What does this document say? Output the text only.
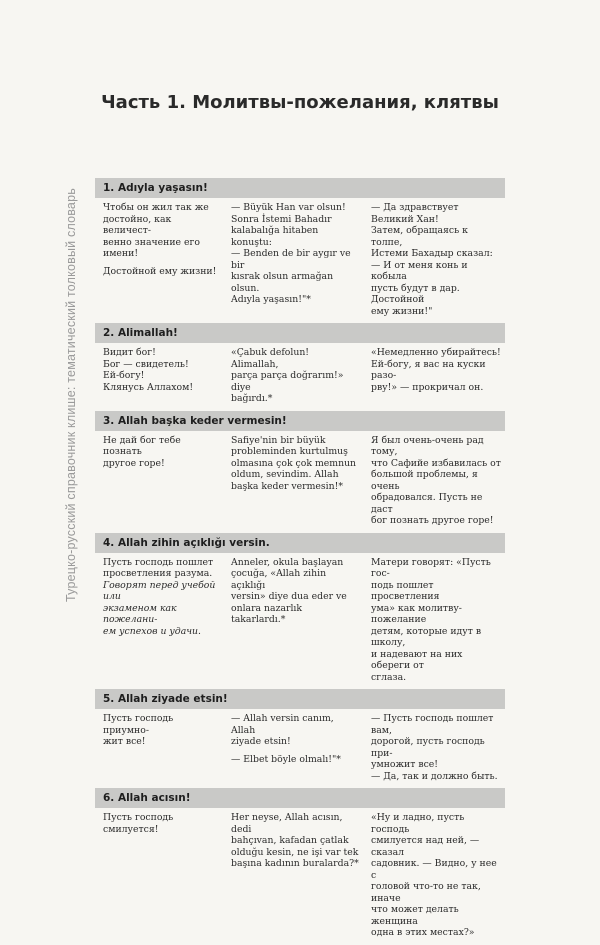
Турецко-русский справочник клише: тематический толковый словарь
Часть 1. Молитвы-пожелания, клятвы
1. Adıyla yaşasın!
Чтобы он жил так же
достойно, как величест-
венно значение его
имени!
Достойной ему жизни!
— Büyük Han var olsun!
Sonra İstemi Bahadır
kalabalığa hitaben konuştu:
— Benden de bir aygır ve bir
kısrak olsun armağan olsun.
Adıyla yaşasın!"*
— Да здравствует Великий Хан!
Затем, обращаясь к толпе,
Истеми Бахадыр сказал:
— И от меня конь и кобыла
пусть будут в дар. Достойной
ему жизни!"
2. Alimallah!
Видит бог!
Бог — свидетель!
Ей-богу!
Клянусь Аллахом!
«Çabuk defolun! Alimallah,
parça parça doğrarım!» diye
bağırdı.*
«Немедленно убирайтесь!
Ей-богу, я вас на куски разо-
рву!» — прокричал он.
3. Allah başka keder vermesin!
Не дай бог тебе познать
другое горе!
Safiye'nin bir büyük
probleminden kurtulmuş
olmasına çok çok memnun
oldum, sevindim. Allah
başka keder vermesin!*
Я был очень-очень рад тому,
что Сафийе избавилась от
большой проблемы, я очень
обрадовался. Пусть не даст
бог познать другое горе!
4. Allah zihin açıklığı versin.
Пусть господь пошлет
просветления разума.
Говорят перед учебой или
экзаменом как пожелани-
ем успехов и удачи.
Anneler, okula başlayan
çocuğa, «Allah zihin açıklığı
versin» diye dua eder ve
onlara nazarlık
takarlardı.*
Матери говорят: «Пусть гос-
подь пошлет просветления
ума» как молитву-пожелание
детям, которые идут в школу,
и надевают на них обереги от
сглаза.
5. Allah ziyade etsin!
Пусть господь приумно-
жит все!
— Allah versin canım, Allah
ziyade etsin!
— Elbet böyle olmalı!"*
— Пусть господь пошлет вам,
дорогой, пусть господь при-
умножит все!
— Да, так и должно быть.
6. Allah acısın!
Пусть господь
смилуется!
Her neyse, Allah acısın, dedi
bahçıvan, kafadan çatlak
olduğu kesin, ne işi var tek
başına kadının buralarda?*
«Ну и ладно, пусть господь
смилуется над ней, — сказал
садовник. — Видно, у нее с
головой что-то не так, иначе
что может делать женщина
одна в этих местах?»
